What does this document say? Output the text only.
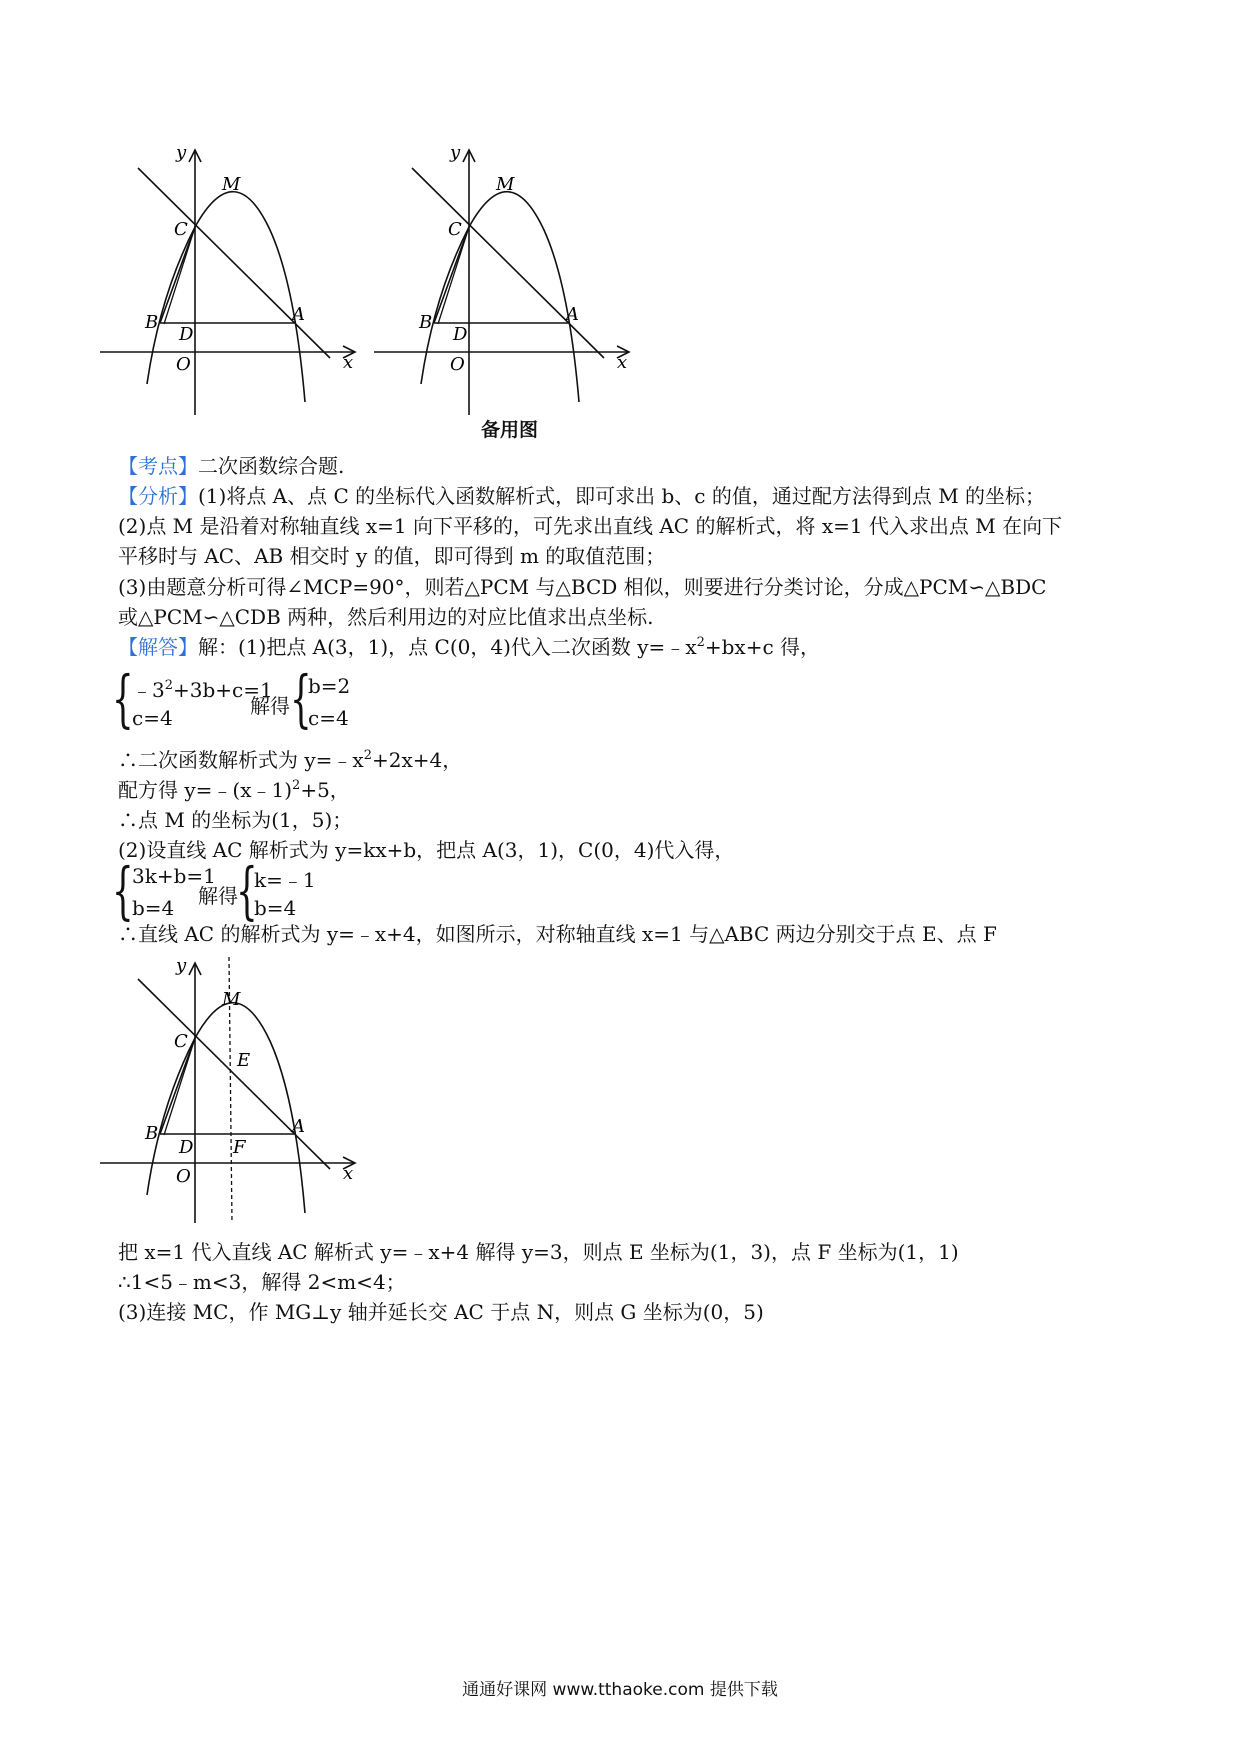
y
M
C
B
D
A
O	x
y
M
C
B
D
A
O	x
备用图
【考点】二次函数综合题.
【分析】(1)将点 A、点 C 的坐标代入函数解析式，即可求出 b、c 的值，通过配方法得到点 M 的坐标；
(2)点 M 是沿着对称轴直线 x=1 向下平移的，可先求出直线 AC 的解析式，将 x=1 代入求出点 M 在向下
平移时与 AC、AB 相交时 y 的值，即可得到 m 的取值范围；
(3)由题意分析可得∠MCP=90°，则若△PCM 与△BCD 相似，则要进行分类讨论，分成△PCM∽△BDC
或△PCM∽△CDB 两种，然后利用边的对应比值求出点坐标.
【解答】解：(1)把点 A(3，1)，点 C(0，4)代入二次函数 $y=﹣x^2+bx+c$ 得，
{
$﹣3^2+3b+c=1$
c=4	解得 {
b=2
c=4
∴二次函数解析式为 $y=﹣x^2+2x+4$，
配方得 y=﹣(x﹣1)$^2$+5，
∴点 M 的坐标为(1，5)；
(2)设直线 AC 解析式为 y=kx+b，把点 A(3，1)，C(0，4)代入得，
{
3k+b=1
b=4 解得
{
k=﹣1
b=4
∴直线 AC 的解析式为 y=﹣x+4，如图所示，对称轴直线 x=1 与△ABC 两边分别交于点 E、点 F
y
M
C
E
B
D F
A
O	x
把 x=1 代入直线 AC 解析式 y=﹣x+4 解得 y=3，则点 E 坐标为(1，3)，点 F 坐标为(1，1)
∴1<5﹣m<3，解得 2<m<4；
(3)连接 MC，作 MG⊥y 轴并延长交 AC 于点 N，则点 G 坐标为(0，5)
通通好课网 www.tthaoke.com 提供下载
